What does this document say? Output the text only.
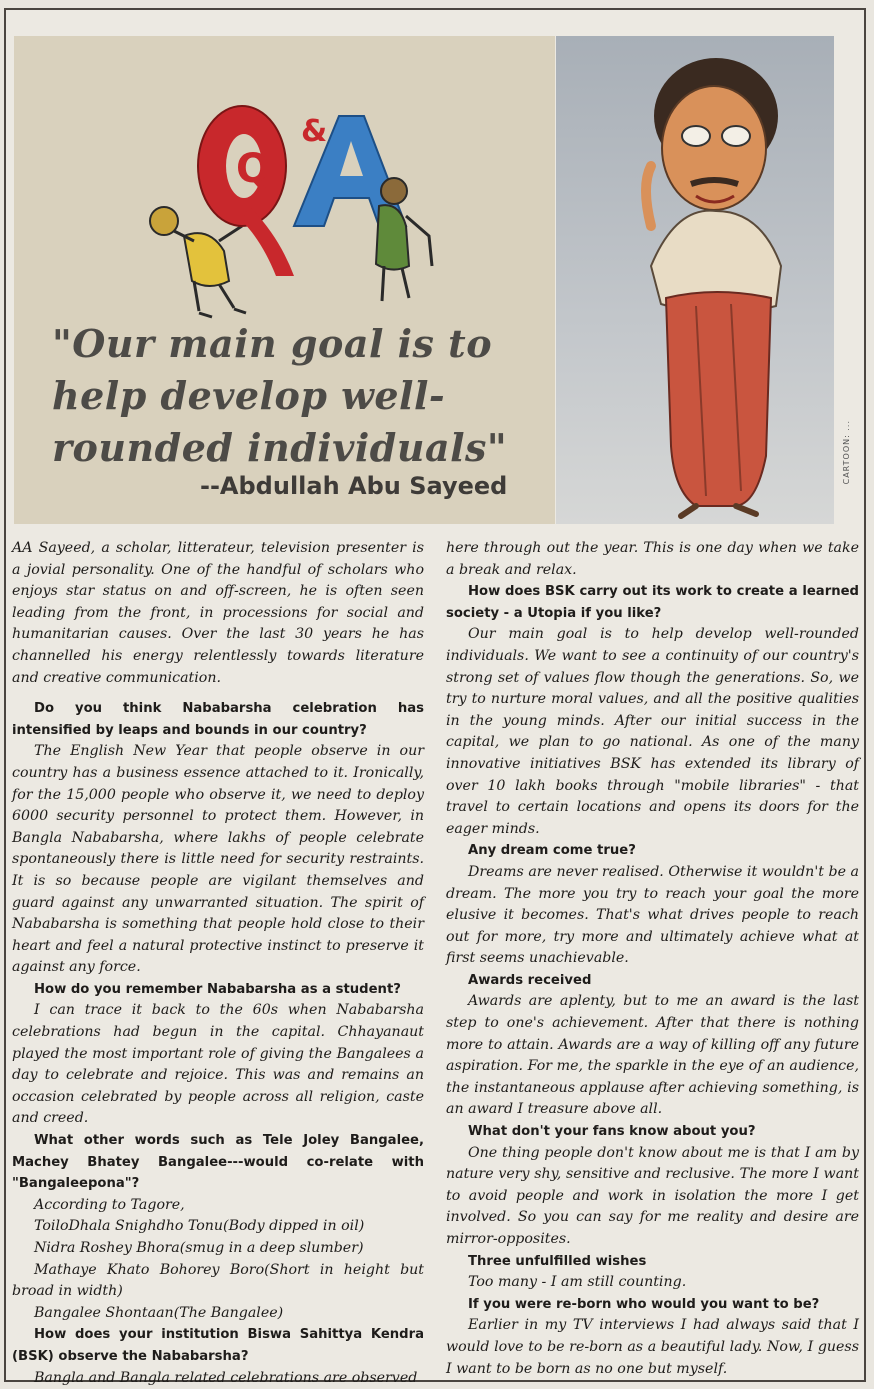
Q
&
"Our main goal is to help develop well-rounded individuals"
--Abdullah Abu Sayeed
CARTOON: ...

AA Sayeed, a scholar, litterateur, television presenter is a jovial personality. One of the handful of scholars who enjoys star status on and off-screen, he is often seen leading from the front, in processions for social and humanitarian causes. Over the last 30 years he has channelled his energy relentlessly towards literature and creative communication.

Do you think Nababarsha celebration has intensified by leaps and bounds in our country?

The English New Year that people observe in our country has a business essence attached to it. Ironically, for the 15,000 people who observe it, we need to deploy 6000 security personnel to protect them. However, in Bangla Nababarsha, where lakhs of people celebrate spontaneously there is little need for security restraints. It is so because people are vigilant themselves and guard against any unwarranted situation. The spirit of Nababarsha is something that people hold close to their heart and feel a natural protective instinct to preserve it against any force.

How do you remember Nababarsha as a student?

I can trace it back to the 60s when Nababarsha celebrations had begun in the capital. Chhayanaut played the most important role of giving the Bangalees a day to celebrate and rejoice. This was and remains an occasion celebrated by people across all religion, caste and creed.

What other words such as Tele Joley Bangalee, Machey Bhatey Bangalee---would co-relate with "Bangaleepona"?

According to Tagore,

ToiloDhala Snighdho Tonu(Body dipped in oil)

Nidra Roshey Bhora(smug in a deep slumber)

Mathaye Khato Bohorey Boro(Short in height but broad in width)

Bangalee Shontaan(The Bangalee)

How does your institution Biswa Sahittya Kendra (BSK) observe the Nababarsha?

Bangla and Bangla related celebrations are observed

here through out the year. This is one day when we take a break and relax.

How does BSK carry out its work to create a learned society - a Utopia if you like?

Our main goal is to help develop well-rounded individuals. We want to see a continuity of our country's strong set of values flow though the generations. So, we try to nurture moral values, and all the positive qualities in the young minds. After our initial success in the capital, we plan to go national. As one of the many innovative initiatives BSK has extended its library of over 10 lakh books through "mobile libraries" - that travel to certain locations and opens its doors for the eager minds.

Any dream come true?

Dreams are never realised. Otherwise it wouldn't be a dream. The more you try to reach your goal the more elusive it becomes. That's what drives people to reach out for more, try more and ultimately achieve what at first seems unachievable.

Awards received

Awards are aplenty, but to me an award is the last step to one's achievement. After that there is nothing more to attain. Awards are a way of killing off any future aspiration. For me, the sparkle in the eye of an audience, the instantaneous applause after achieving something, is an award I treasure above all.

What don't your fans know about you?

One thing people don't know about me is that I am by nature very shy, sensitive and reclusive. The more I want to avoid people and work in isolation the more I get involved. So you can say for me reality and desire are mirror-opposites.

Three unfulfilled wishes

Too many - I am still counting.

If you were re-born who would you want to be?

Earlier in my TV interviews I had always said that I would love to be re-born as a beautiful lady. Now, I guess I want to be born as no one but myself.
